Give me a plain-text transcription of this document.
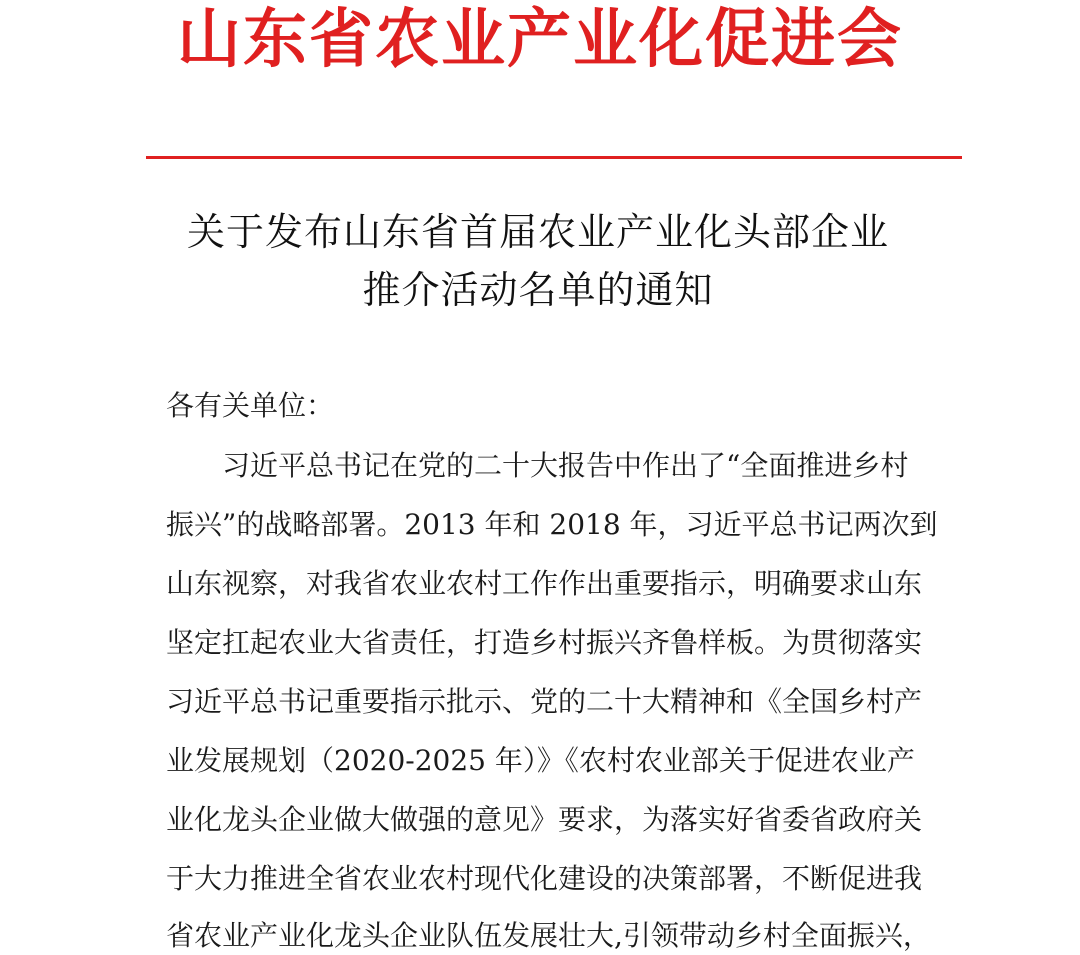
山东省农业产业化促进会
关于发布山东省首届农业产业化头部企业
推介活动名单的通知
各有关单位：
　　习近平总书记在党的二十大报告中作出了“全面推进乡村
振兴”的战略部署。2013 年和 2018 年，习近平总书记两次到
山东视察，对我省农业农村工作作出重要指示，明确要求山东
坚定扛起农业大省责任，打造乡村振兴齐鲁样板。为贯彻落实
习近平总书记重要指示批示、党的二十大精神和《全国乡村产
业发展规划（2020-2025 年）》《农村农业部关于促进农业产
业化龙头企业做大做强的意见》要求，为落实好省委省政府关
于大力推进全省农业农村现代化建设的决策部署，不断促进我
省农业产业化龙头企业队伍发展壮大,引领带动乡村全面振兴，
